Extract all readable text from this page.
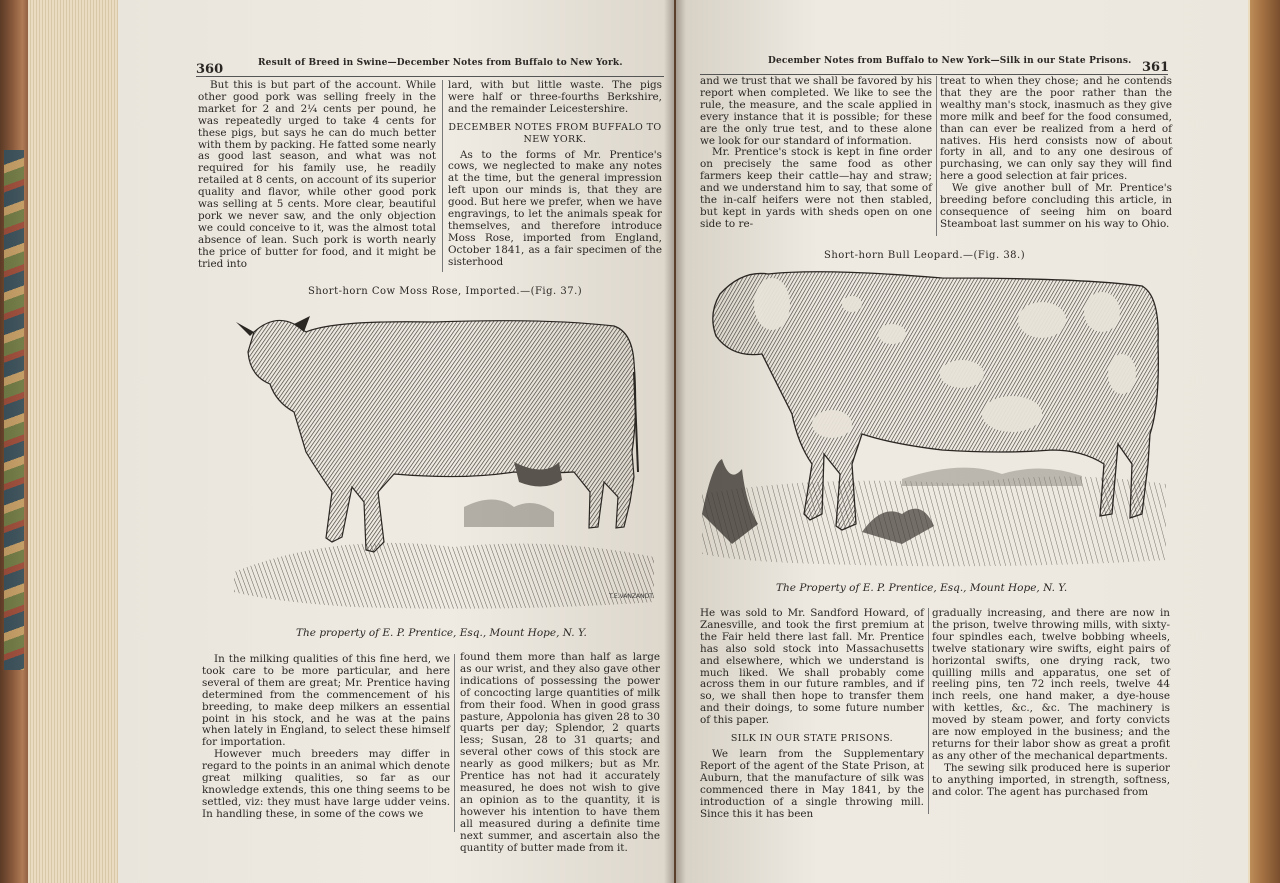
360	Result of Breed in Swine—December Notes from Buffalo to New York.

But this is but part of the account. While other good pork was selling freely in the market for 2 and 2¼ cents per pound, he was repeatedly urged to take 4 cents for these pigs, but says he can do much better with them by packing. He fatted some nearly as good last season, and what was not required for his family use, he readily retailed at 8 cents, on account of its superior quality and flavor, while other good pork was selling at 5 cents. More clear, beautiful pork we never saw, and the only objection we could conceive to it, was the almost total absence of lean. Such pork is worth nearly the price of butter for food, and it might be tried into

lard, with but little waste. The pigs were half or three-fourths Berkshire, and the remainder Leicestershire.

DECEMBER NOTES FROM BUFFALO TO NEW YORK.

As to the forms of Mr. Prentice's cows, we neglected to make any notes at the time, but the general impression left upon our minds is, that they are good. But here we prefer, when we have engravings, to let the animals speak for themselves, and therefore introduce Moss Rose, imported from England, October 1841, as a fair specimen of the sisterhood

Short-horn Cow Moss Rose, Imported.—(Fig. 37.)
T.E.VANZANDT.
The property of E. P. Prentice, Esq., Mount Hope, N. Y.

In the milking qualities of this fine herd, we took care to be more particular, and here several of them are great; Mr. Prentice having determined from the commencement of his breeding, to make deep milkers an essential point in his stock, and he was at the pains when lately in England, to select these himself for importation.

However much breeders may differ in regard to the points in an animal which denote great milking qualities, so far as our knowledge extends, this one thing seems to be settled, viz: they must have large udder veins. In handling these, in some of the cows we

found them more than half as large as our wrist, and they also gave other indications of possessing the power of concocting large quantities of milk from their food. When in good grass pasture, Appolonia has given 28 to 30 quarts per day; Splendor, 2 quarts less; Susan, 28 to 31 quarts; and several other cows of this stock are nearly as good milkers; but as Mr. Prentice has not had it accurately measured, he does not wish to give an opinion as to the quantity, it is however his intention to have them all measured during a definite time next summer, and ascertain also the quantity of butter made from it.

December Notes from Buffalo to New York—Silk in our State Prisons. 361

and we trust that we shall be favored by his report when completed. We like to see the rule, the measure, and the scale applied in every instance that it is possible; for these are the only true test, and to these alone we look for our standard of information.

Mr. Prentice's stock is kept in fine order on precisely the same food as other farmers keep their cattle—hay and straw; and we understand him to say, that some of the in-calf heifers were not then stabled, but kept in yards with sheds open on one side to re-

treat to when they chose; and he contends that they are the poor rather than the wealthy man's stock, inasmuch as they give more milk and beef for the food consumed, than can ever be realized from a herd of natives. His herd consists now of about forty in all, and to any one desirous of purchasing, we can only say they will find here a good selection at fair prices.

We give another bull of Mr. Prentice's breeding before concluding this article, in consequence of seeing him on board Steamboat last summer on his way to Ohio.

Short-horn Bull Leopard.—(Fig. 38.)
The Property of E. P. Prentice, Esq., Mount Hope, N. Y.

He was sold to Mr. Sandford Howard, of Zanesville, and took the first premium at the Fair held there last fall. Mr. Prentice has also sold stock into Massachusetts and elsewhere, which we understand is much liked. We shall probably come across them in our future rambles, and if so, we shall then hope to transfer them and their doings, to some future number of this paper.

SILK IN OUR STATE PRISONS.

We learn from the Supplementary Report of the agent of the State Prison, at Auburn, that the manufacture of silk was commenced there in May 1841, by the introduction of a single throwing mill. Since this it has been

gradually increasing, and there are now in the prison, twelve throwing mills, with sixty-four spindles each, twelve bobbing wheels, twelve stationary wire swifts, eight pairs of horizontal swifts, one drying rack, two quilling mills and apparatus, one set of reeling pins, ten 72 inch reels, twelve 44 inch reels, one hand maker, a dye-house with kettles, &c., &c. The machinery is moved by steam power, and forty convicts are now employed in the business; and the returns for their labor show as great a profit as any other of the mechanical departments.

The sewing silk produced here is superior to anything imported, in strength, softness, and color. The agent has purchased from
